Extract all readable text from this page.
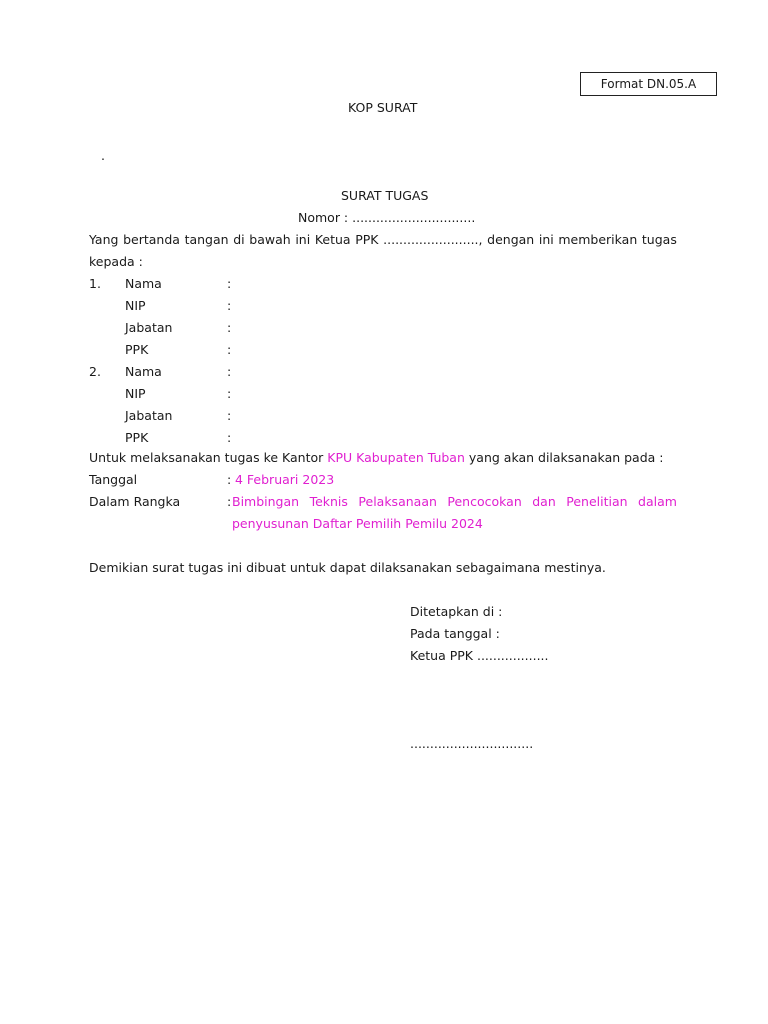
Format DN.05.A
KOP SURAT
.
SURAT TUGAS
Nomor : ...............................
Yang bertanda tangan di bawah ini Ketua PPK ........................, dengan ini memberikan tugas
kepada :
1. Nama	:
NIP	:
Jabatan	:
PPK	:
2. Nama	:
NIP	:
Jabatan	:
PPK	:
Untuk melaksanakan tugas ke Kantor KPU Kabupaten Tuban yang akan dilaksanakan pada :
Tanggal	: 4 Februari 2023
Dalam Rangka	: Bimbingan Teknis Pelaksanaan Pencocokan dan Penelitian dalam
penyusunan Daftar Pemilih Pemilu 2024
Demikian surat tugas ini dibuat untuk dapat dilaksanakan sebagaimana mestinya.
Ditetapkan di :
Pada tanggal :
Ketua PPK ..................
...............................
